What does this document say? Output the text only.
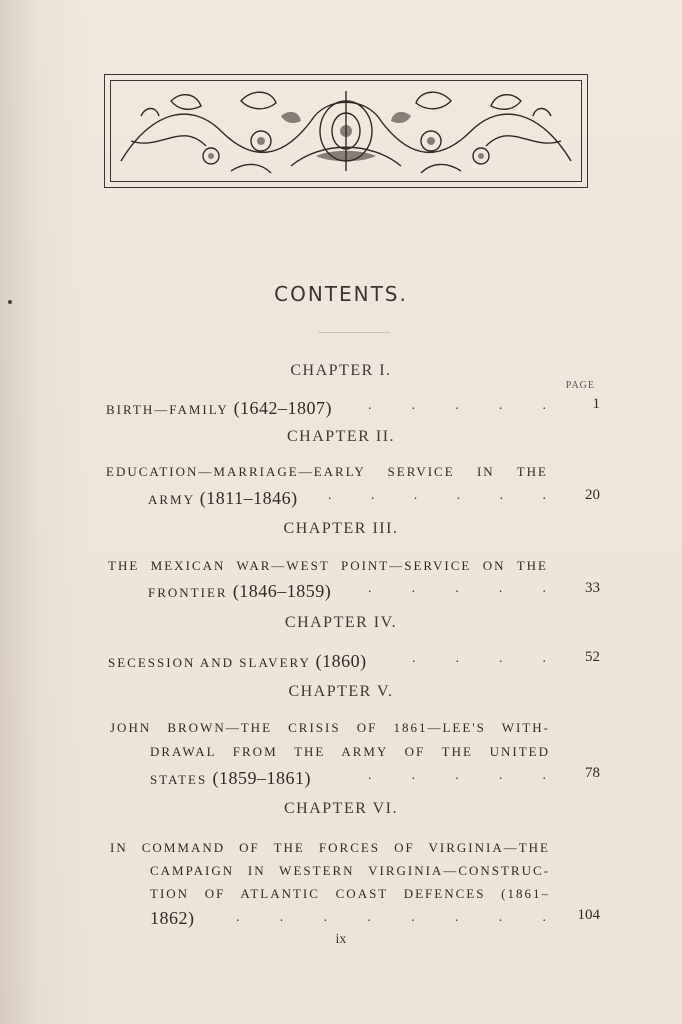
CONTENTS.
PAGE
CHAPTER I.
BIRTH—FAMILY (1642–1807)	.	.	.	.	.	1
CHAPTER II.
EDUCATION—MARRIAGE—EARLY SERVICE IN THE
ARMY (1811–1846) .	.	.	.	.	.	20
CHAPTER III.
THE MEXICAN WAR—WEST POINT—SERVICE ON THE
FRONTIER (1846–1859)	.	.	.	.	.	33
CHAPTER IV.
SECESSION AND SLAVERY (1860)	.	.	.	.	52
CHAPTER V.
JOHN BROWN—THE CRISIS OF 1861—LEE'S WITH-
DRAWAL FROM THE ARMY OF THE UNITED
STATES (1859–1861)	.	.	.	.	.	78
CHAPTER VI.
IN COMMAND OF THE FORCES OF VIRGINIA—THE
CAMPAIGN IN WESTERN VIRGINIA—CONSTRUC-
TION OF ATLANTIC COAST DEFENCES (1861–
1862)	.	.	.	.	.	.	.	.	104
ix
